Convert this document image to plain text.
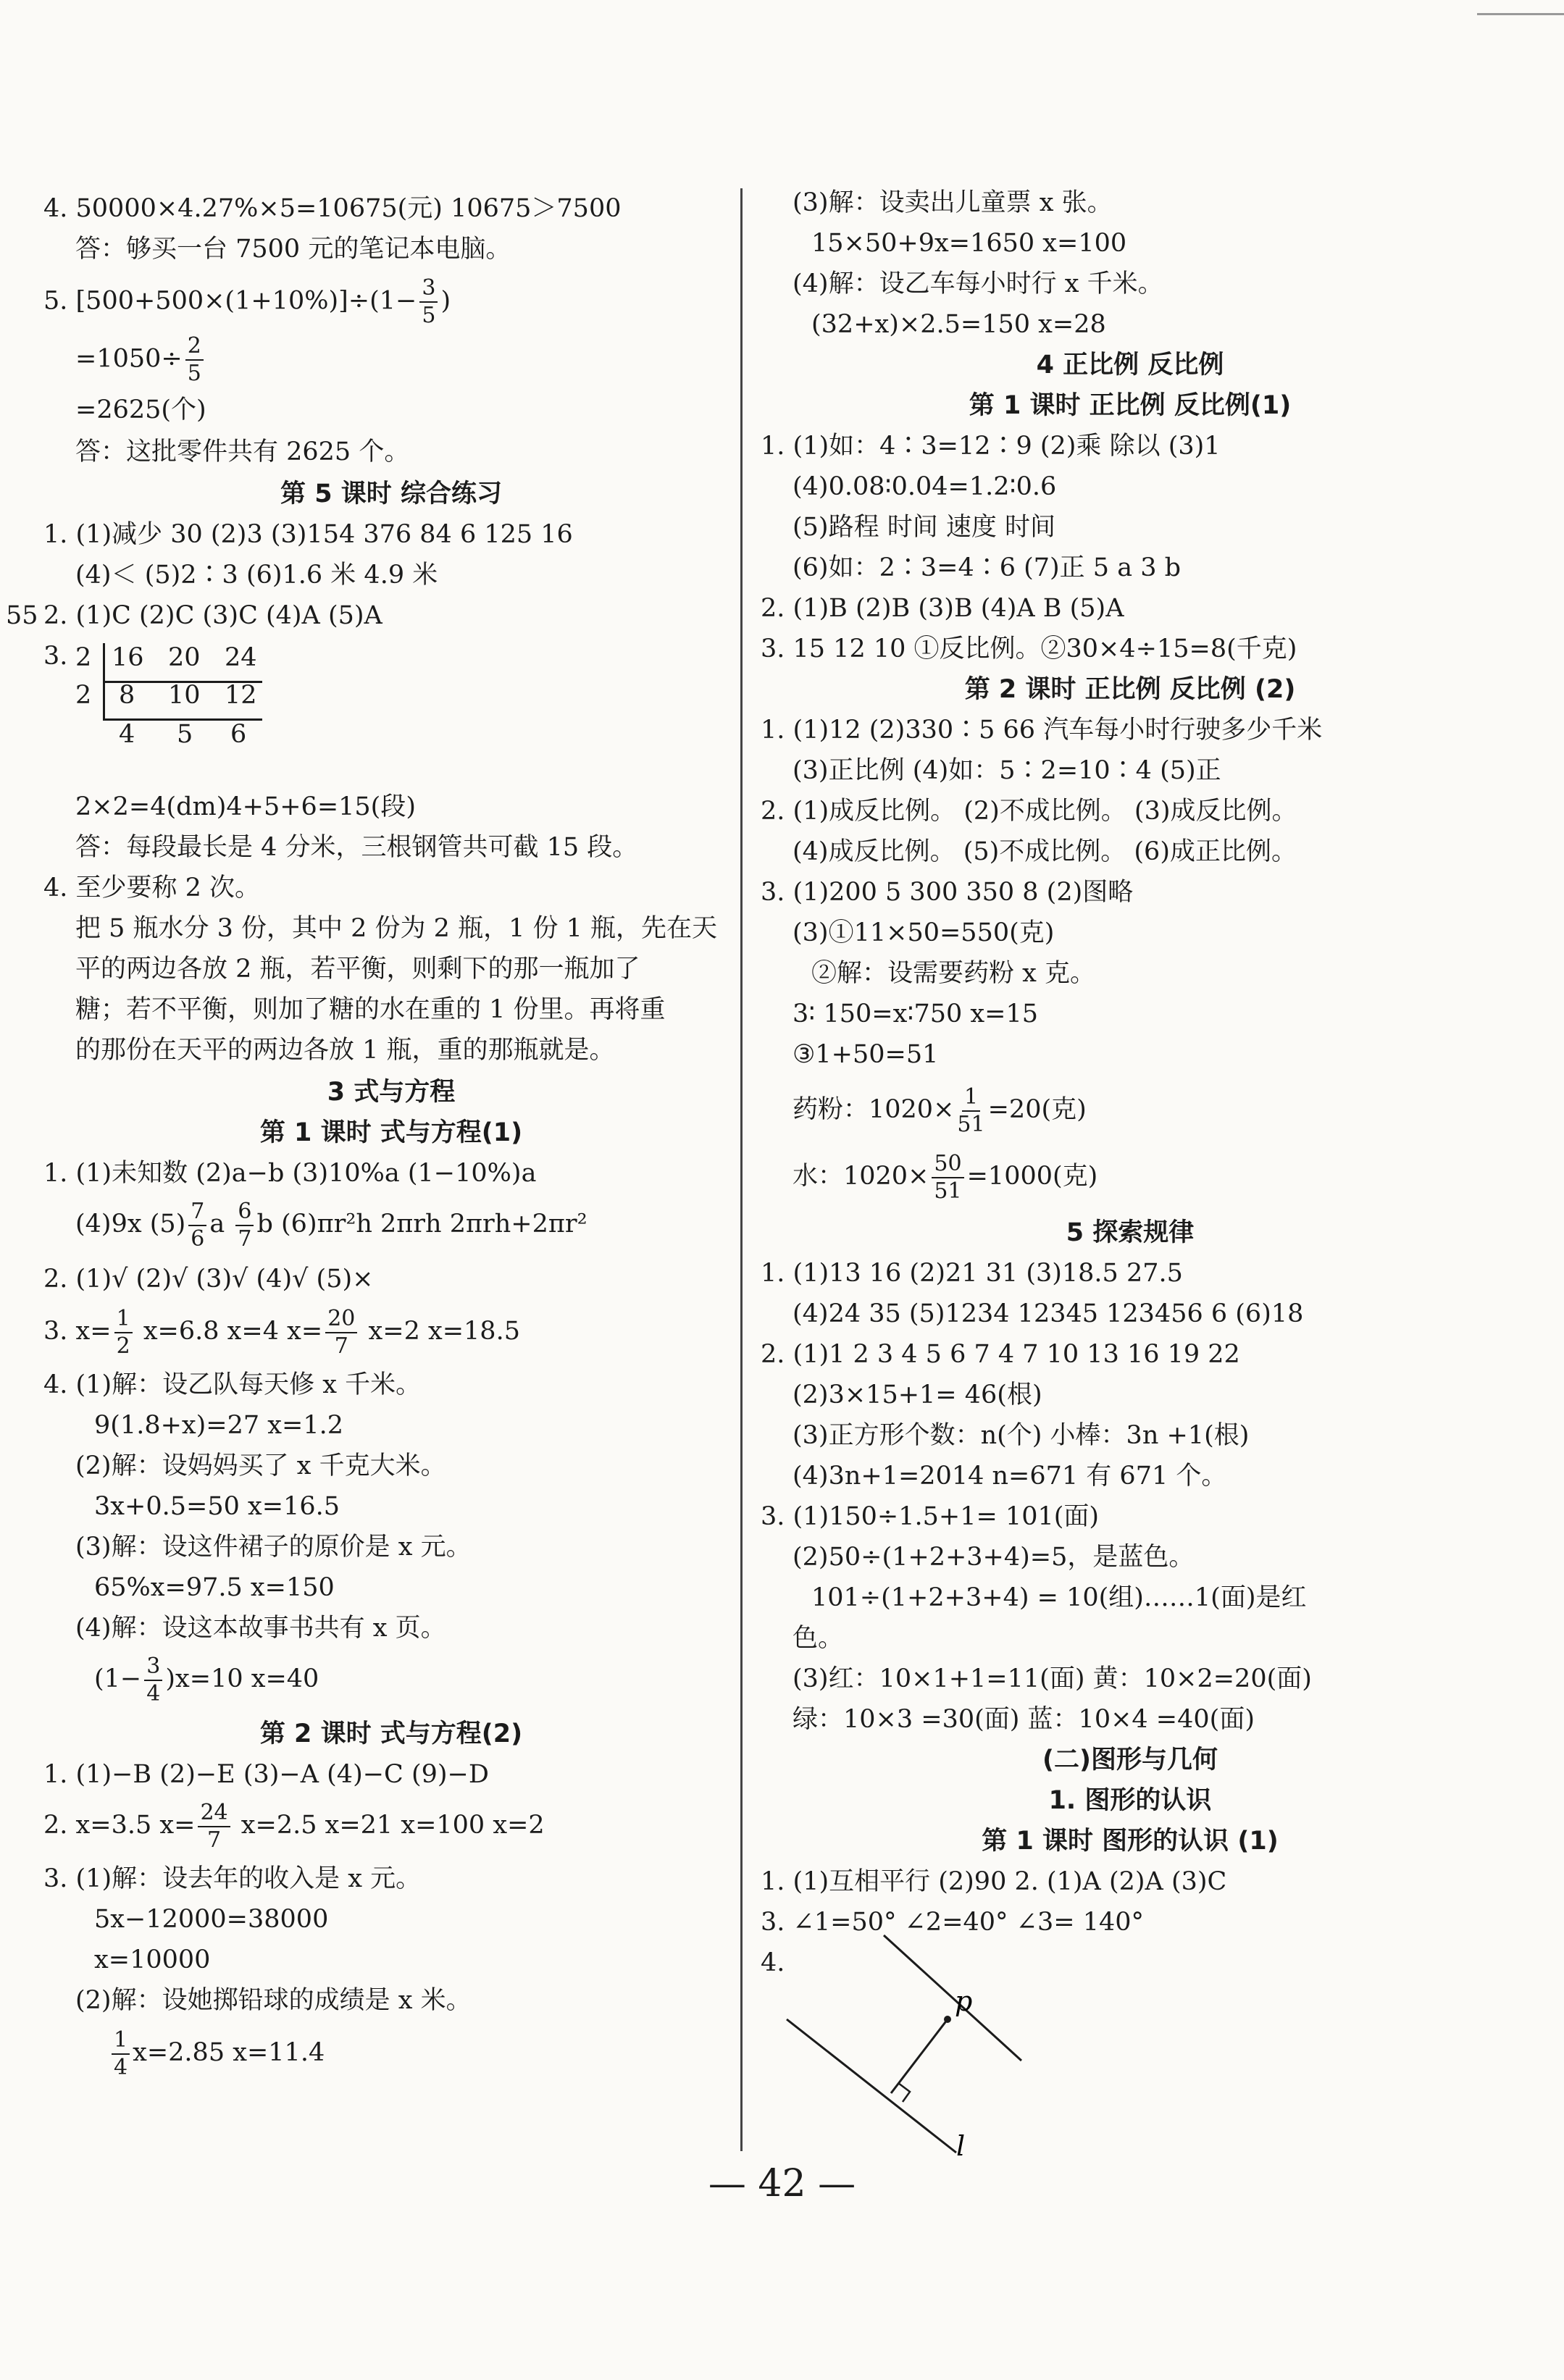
4. 50000×4.27%×5=10675(元) 10675＞7500
答：够买一台 7500 元的笔记本电脑。
5. $[500+500\times(1+10\%)]\div(1- \frac{3}{5}$ )
$=1050\div \frac{2}{5}$
=2625(个)
答：这批零件共有 2625 个。
第 5 课时 综合练习
1. (1)减少 30 (2)3 (3)154 376 84 6 125 16
(4)＜ (5)2∶3 (6)1.6 米 4.9 米
55 2. (1)C (2)C (3)C (4)A (5)A
3. 2 16 20 24
2 8 10 12
4 5 6
2×2=4(dm)4+5+6=15(段)
答：每段最长是 4 分米，三根钢管共可截 15 段。
4. 至少要称 2 次。
把 5 瓶水分 3 份，其中 2 份为 2 瓶，1 份 1 瓶，先在天
平的两边各放 2 瓶，若平衡，则剩下的那一瓶加了
糖；若不平衡，则加了糖的水在重的 1 份里。再将重
的那份在天平的两边各放 1 瓶，重的那瓶就是。
3 式与方程
第 1 课时 式与方程(1)
1. (1)未知数 (2)a−b (3)10%a (1−10%)a
(4)9x $(5) \frac{7}{6}$ a $\frac{6}{7}$ b (6)πr²h 2πrh 2πrh+2πr²
2. (1)√ (2)√ (3)√ (4)√ (5)×
3. $x= \frac{1}{2} x=6.8$ x=4 $x= \frac{20}{7} x=2$ x=18.5
4. (1)解：设乙队每天修 x 千米。
9(1.8+x)=27 x=1.2
(2)解：设妈妈买了 x 千克大米。
3x+0.5=50 x=16.5
(3)解：设这件裙子的原价是 x 元。
65%x=97.5 x=150
(4)解：设这本故事书共有 x 页。
$(1- \frac{3}{4} )x=10$ x=40
第 2 课时 式与方程(2)
1. (1)−B (2)−E (3)−A (4)−C (9)−D
2. x=3.5 $x= \frac{24}{7} x=2.5$ x=21 x=100 x=2
3. (1)解：设去年的收入是 x 元。
5x−12000=38000
x=10000
(2)解：设她掷铅球的成绩是 x 米。
$\frac{1}{4} x=2.85$ x=11.4
(3)解：设卖出儿童票 x 张。
15×50+9x=1650 x=100
(4)解：设乙车每小时行 x 千米。
(32+x)×2.5=150 x=28
4 正比例 反比例
第 1 课时 正比例 反比例(1)
1. (1)如：4∶3=12∶9 (2)乘 除以 (3)1
(4)0.08∶0.04=1.2∶0.6
(5)路程 时间 速度 时间
(6)如：2∶3=4∶6 (7)正 5 a 3 b
2. (1)B (2)B (3)B (4)A B (5)A
3. 15 12 10 ①反比例。②30×4÷15=8(千克)
第 2 课时 正比例 反比例 (2)
1. (1)12 (2)330∶5 66 汽车每小时行驶多少千米
(3)正比例 (4)如：5∶2=10∶4 (5)正
2. (1)成反比例。 (2)不成比例。 (3)成反比例。
(4)成反比例。 (5)不成比例。 (6)成正比例。
3. (1)200 5 300 350 8 (2)图略
(3)①11×50=550(克)
②解：设需要药粉 x 克。
3∶ 150=x∶750 x=15
③1+50=51
药粉：$1020\times \frac{1}{51} =20$(克)
水：$1020\times \frac{50}{51} =1000$(克)
5 探索规律
1. (1)13 16 (2)21 31 (3)18.5 27.5
(4)24 35 (5)1234 12345 123456 6 (6)18
2. (1)1 2 3 4 5 6 7 4 7 10 13 16 19 22
(2)3×15+1= 46(根)
(3)正方形个数：n(个) 小棒：3n +1(根)
(4)3n+1=2014 n=671 有 671 个。
3. (1)150÷1.5+1= 101(面)
(2)50÷(1+2+3+4)=5，是蓝色。
101÷(1+2+3+4) = 10(组)……1(面)是红
色。
(3)红：10×1+1=11(面) 黄：10×2=20(面)
绿：10×3 =30(面) 蓝：10×4 =40(面)
(二)图形与几何
1. 图形的认识
第 1 课时 图形的认识 (1)
1. (1)互相平行 (2)90 2. (1)A (2)A (3)C
3. ∠1=50° ∠2=40° ∠3= 140°
4.
p
l
— 42 —
